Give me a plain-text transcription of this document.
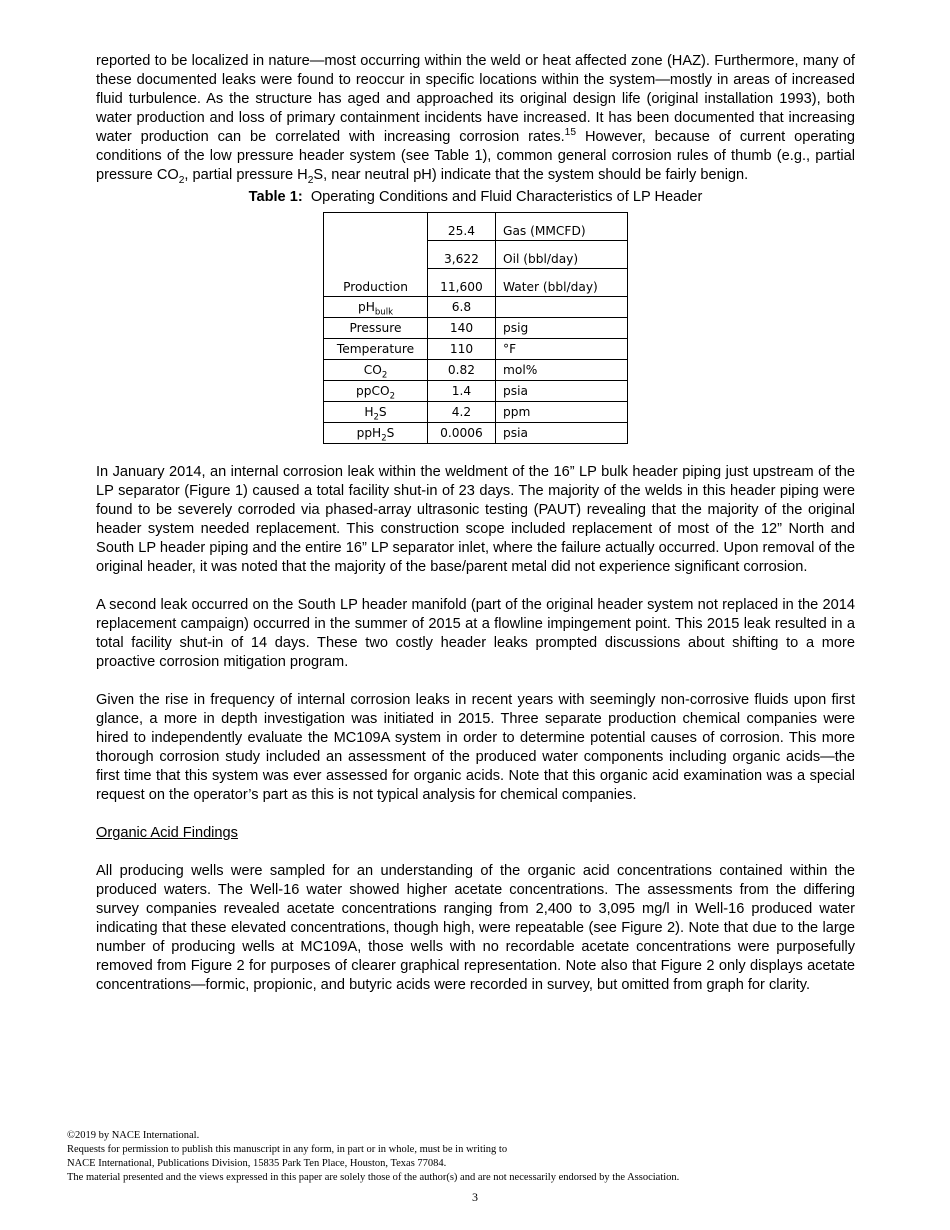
reported to be localized in nature—most occurring within the weld or heat affected zone (HAZ). Furthermore, many of these documented leaks were found to reoccur in specific locations within the system—mostly in areas of increased fluid turbulence. As the structure has aged and approached its original design life (original installation 1993), both water production and loss of primary containment incidents have increased. It has been documented that increasing water production can be correlated with increasing corrosion rates.$^{15}$ However, because of current operating conditions of the low pressure header system (see Table 1), common general corrosion rules of thumb (e.g., partial pressure $CO_2$, partial pressure $H_2S$, near neutral pH) indicate that the system should be fairly benign.

Table 1: Operating Conditions and Fluid Characteristics of LP Header
Production	25.4	Gas (MMCFD)
	3,622	Oil (bbl/day)
	11,600	Water (bbl/day)
$pH_{bulk}$	6.8	
Pressure	140	psig
Temperature	110	°F
$CO_2$	0.82	mol%
ppCO$_2$	1.4	psia
$H_2S$	4.2	ppm
ppH$_2$S	0.0006	psia

In January 2014, an internal corrosion leak within the weldment of the 16” LP bulk header piping just upstream of the LP separator (Figure 1) caused a total facility shut-in of 23 days. The majority of the welds in this header piping were found to be severely corroded via phased-array ultrasonic testing (PAUT) revealing that the majority of the original header system needed replacement. This construction scope included replacement of most of the 12” North and South LP header piping and the entire 16” LP separator inlet, where the failure actually occurred. Upon removal of the original header, it was noted that the majority of the base/parent metal did not experience significant corrosion.

A second leak occurred on the South LP header manifold (part of the original header system not replaced in the 2014 replacement campaign) occurred in the summer of 2015 at a flowline impingement point. This 2015 leak resulted in a total facility shut-in of 14 days. These two costly header leaks prompted discussions about shifting to a more proactive corrosion mitigation program.

Given the rise in frequency of internal corrosion leaks in recent years with seemingly non-corrosive fluids upon first glance, a more in depth investigation was initiated in 2015. Three separate production chemical companies were hired to independently evaluate the MC109A system in order to determine potential causes of corrosion. This more thorough corrosion study included an assessment of the produced water components including organic acids—the first time that this system was ever assessed for organic acids. Note that this organic acid examination was a special request on the operator’s part as this is not typical analysis for chemical companies.

Organic Acid Findings

All producing wells were sampled for an understanding of the organic acid concentrations contained within the produced waters. The Well-16 water showed higher acetate concentrations. The assessments from the differing survey companies revealed acetate concentrations ranging from 2,400 to 3,095 mg/l in Well-16 produced water indicating that these elevated concentrations, though high, were repeatable (see Figure 2). Note that due to the large number of producing wells at MC109A, those wells with no recordable acetate concentrations were purposefully removed from Figure 2 for purposes of clearer graphical representation. Note also that Figure 2 only displays acetate concentrations—formic, propionic, and butyric acids were recorded in survey, but omitted from graph for clarity.

©2019 by NACE International.
Requests for permission to publish this manuscript in any form, in part or in whole, must be in writing to
NACE International, Publications Division, 15835 Park Ten Place, Houston, Texas 77084.
The material presented and the views expressed in this paper are solely those of the author(s) and are not necessarily endorsed by the Association.
3
